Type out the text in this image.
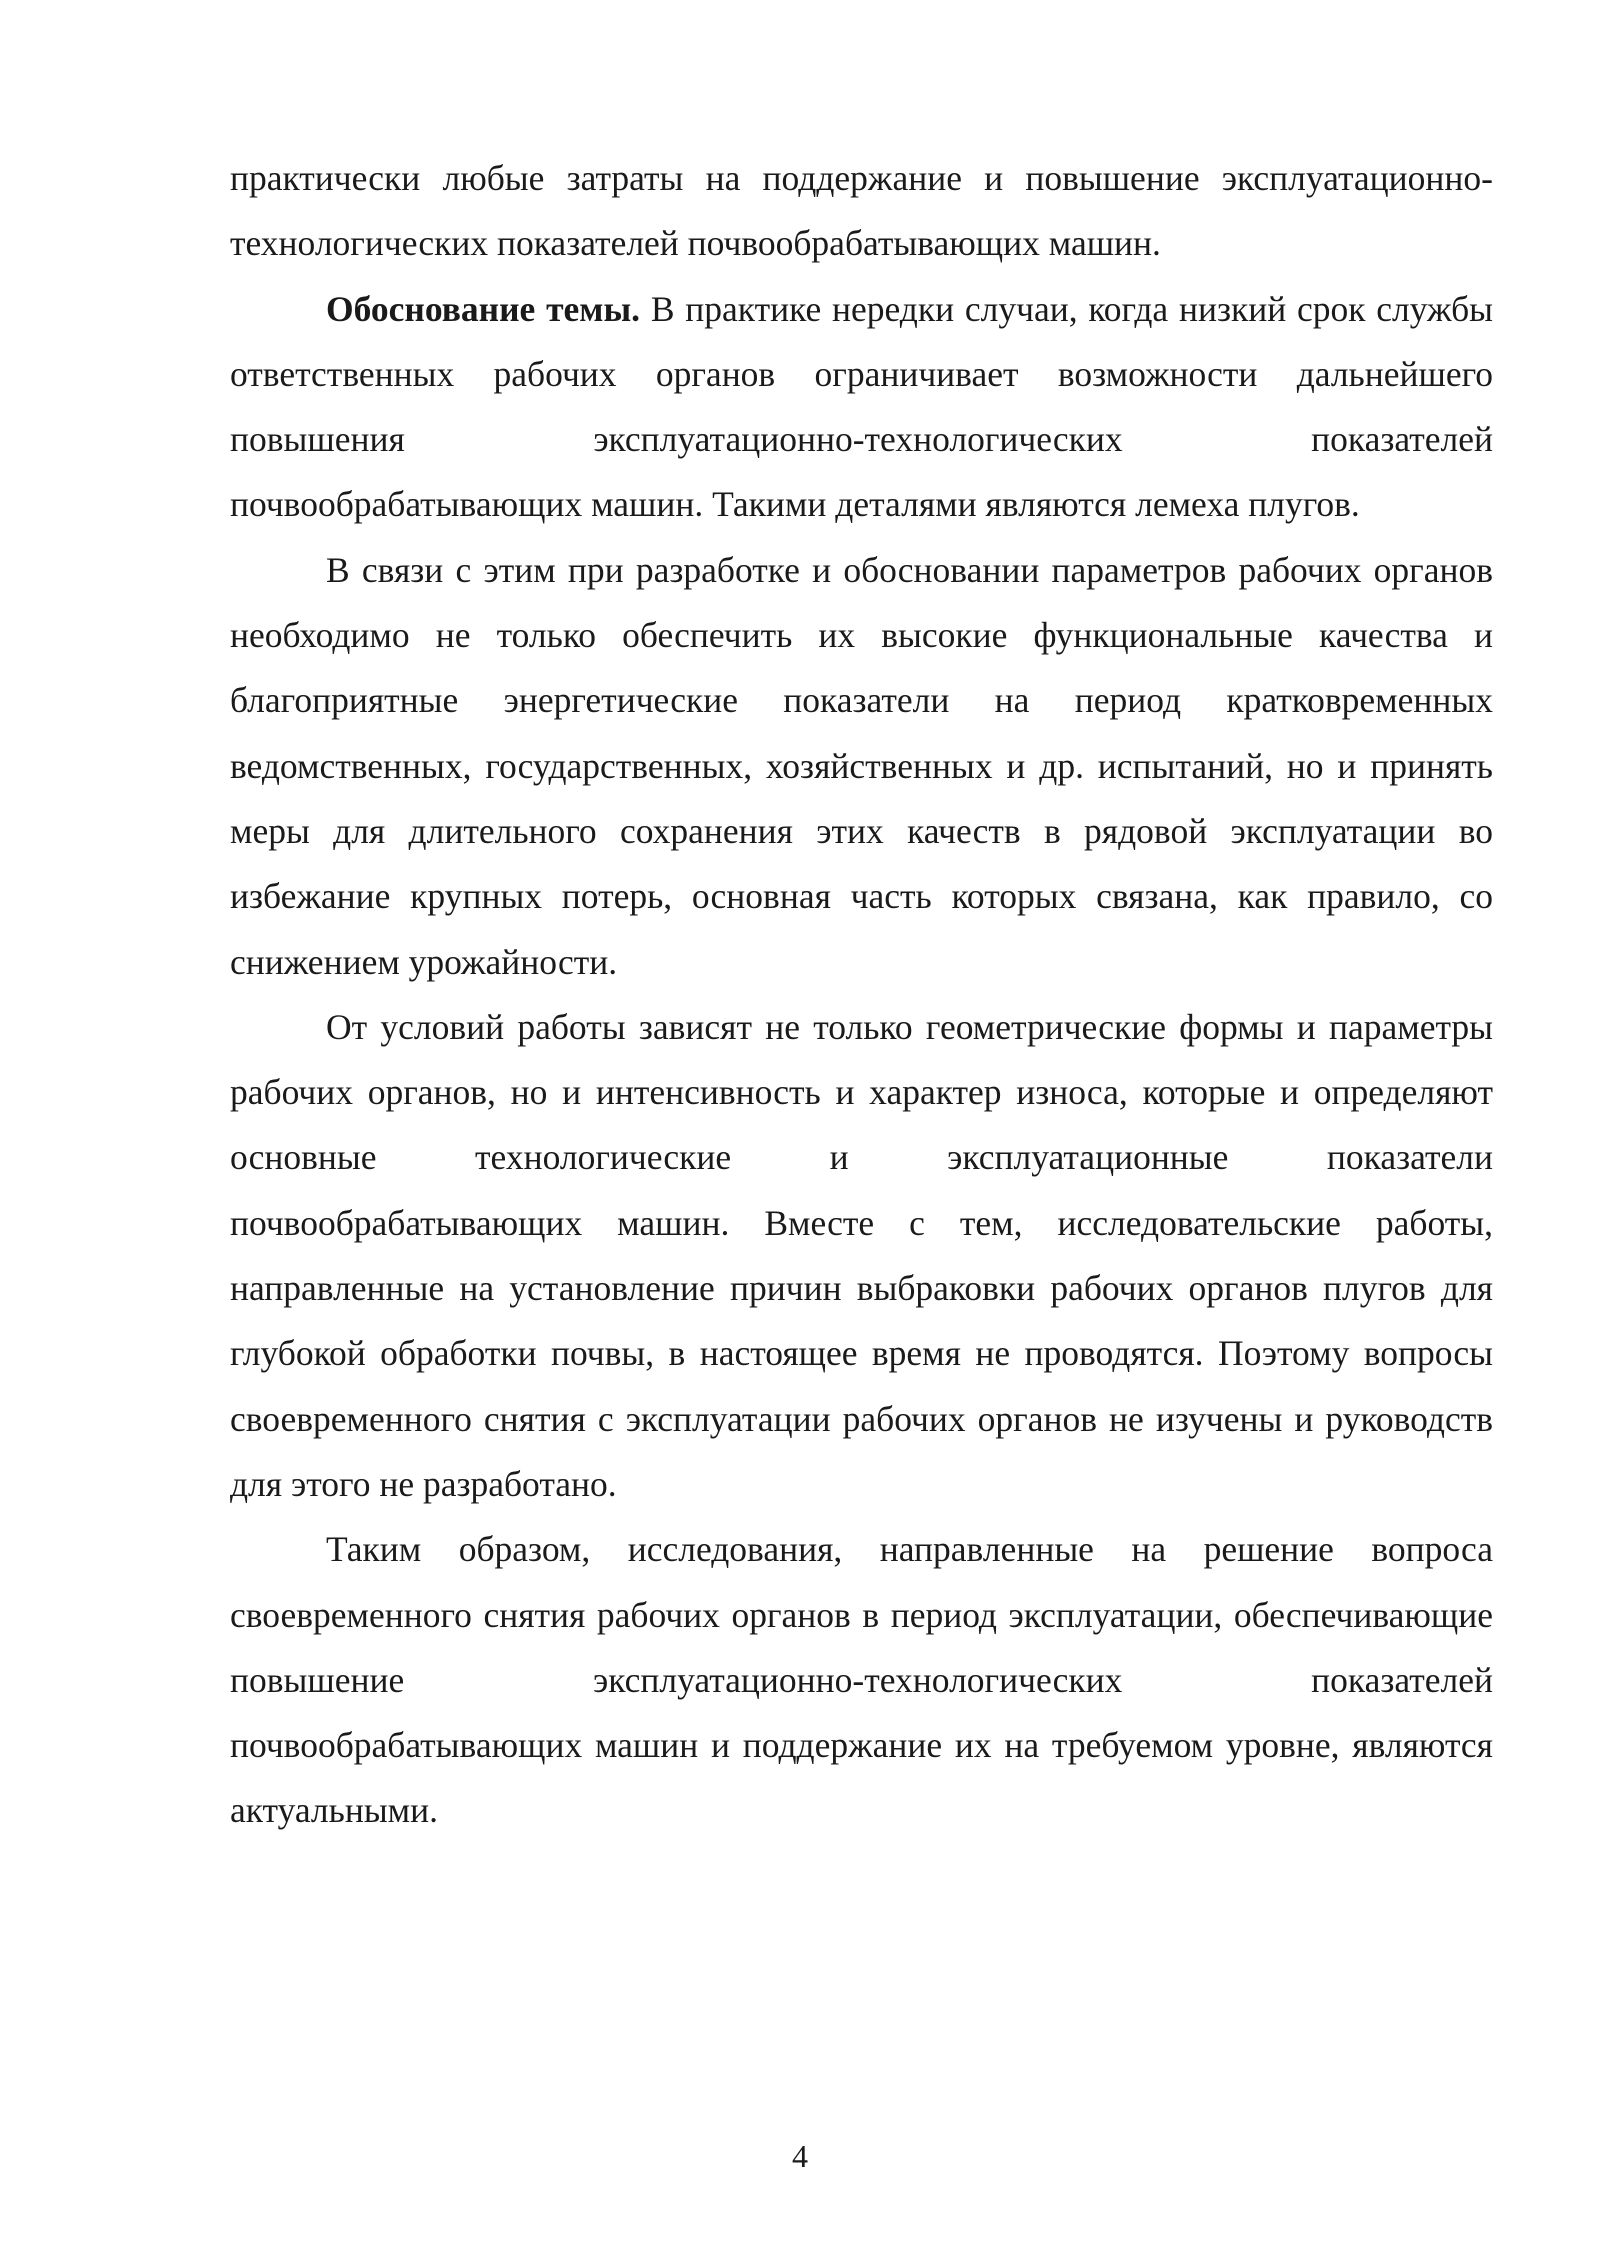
практически любые затраты на поддержание и повышение эксплуатационно-технологических показателей почвообрабатывающих машин.

Обоснование темы. В практике нередки случаи, когда низкий срок службы ответственных рабочих органов ограничивает возможности дальнейшего повышения эксплуатационно-технологических показателей почвообрабатывающих машин. Такими деталями являются лемеха плугов.

В связи с этим при разработке и обосновании параметров рабочих органов необходимо не только обеспечить их высокие функциональные качества и благоприятные энергетические показатели на период кратковременных ведомственных, государственных, хозяйственных и др. испытаний, но и принять меры для длительного сохранения этих качеств в рядовой эксплуатации во избежание крупных потерь, основная часть которых связана, как правило, со снижением урожайности.

От условий работы зависят не только геометрические формы и параметры рабочих органов, но и интенсивность и характер износа, которые и определяют основные технологические и эксплуатационные показатели почвообрабатывающих машин. Вместе с тем, исследовательские работы, направленные на установление причин выбраковки рабочих органов плугов для глубокой обработки почвы, в настоящее время не проводятся. Поэтому вопросы своевременного снятия с эксплуатации рабочих органов не изучены и руководств для этого не разработано.

Таким образом, исследования, направленные на решение вопроса своевременного снятия рабочих органов в период эксплуатации, обеспечивающие повышение эксплуатационно-технологических показателей почвообрабатывающих машин и поддержание их на требуемом уровне, являются актуальными.

4
